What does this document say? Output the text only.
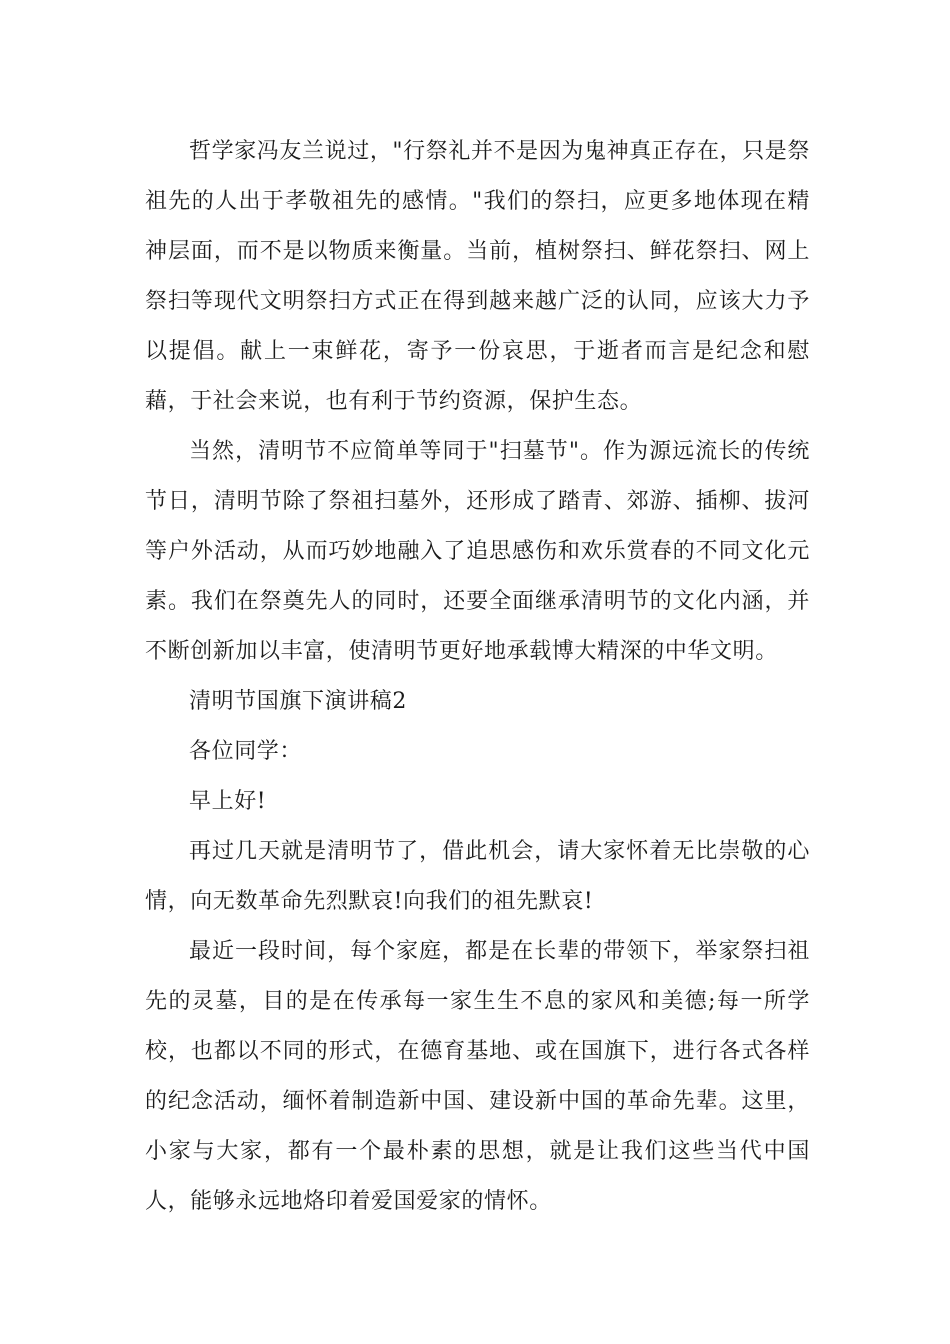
哲学家冯友兰说过，"行祭礼并不是因为鬼神真正存在，只是祭祖先的人出于孝敬祖先的感情。"我们的祭扫，应更多地体现在精神层面，而不是以物质来衡量。当前，植树祭扫、鲜花祭扫、网上祭扫等现代文明祭扫方式正在得到越来越广泛的认同，应该大力予以提倡。献上一束鲜花，寄予一份哀思，于逝者而言是纪念和慰藉，于社会来说，也有利于节约资源，保护生态。

当然，清明节不应简单等同于"扫墓节"。作为源远流长的传统节日，清明节除了祭祖扫墓外，还形成了踏青、郊游、插柳、拔河等户外活动，从而巧妙地融入了追思感伤和欢乐赏春的不同文化元素。我们在祭奠先人的同时，还要全面继承清明节的文化内涵，并不断创新加以丰富，使清明节更好地承载博大精深的中华文明。

清明节国旗下演讲稿2

各位同学：

早上好!

再过几天就是清明节了，借此机会，请大家怀着无比崇敬的心情，向无数革命先烈默哀!向我们的祖先默哀!

最近一段时间，每个家庭，都是在长辈的带领下，举家祭扫祖先的灵墓，目的是在传承每一家生生不息的家风和美德;每一所学校，也都以不同的形式，在德育基地、或在国旗下，进行各式各样的纪念活动，缅怀着制造新中国、建设新中国的革命先辈。这里，小家与大家，都有一个最朴素的思想，就是让我们这些当代中国人，能够永远地烙印着爱国爱家的情怀。
